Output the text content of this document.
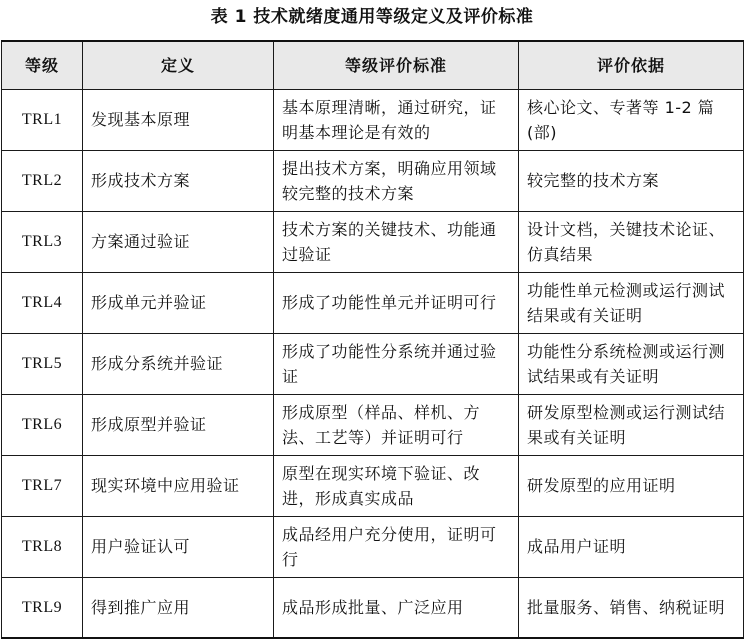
表 1 技术就绪度通用等级定义及评价标准
等级	定义	等级评价标准	评价依据
TRL1	发现基本原理	基本原理清晰，通过研究，证明基本理论是有效的	核心论文、专著等 1-2 篇(部)
TRL2	形成技术方案	提出技术方案，明确应用领域较完整的技术方案	较完整的技术方案
TRL3	方案通过验证	技术方案的关键技术、功能通过验证	设计文档，关键技术论证、仿真结果
TRL4	形成单元并验证	形成了功能性单元并证明可行	功能性单元检测或运行测试结果或有关证明
TRL5	形成分系统并验证	形成了功能性分系统并通过验证	功能性分系统检测或运行测试结果或有关证明
TRL6	形成原型并验证	形成原型（样品、样机、方法、工艺等）并证明可行	研发原型检测或运行测试结果或有关证明
TRL7	现实环境中应用验证	原型在现实环境下验证、改进，形成真实成品	研发原型的应用证明
TRL8	用户验证认可	成品经用户充分使用，证明可行	成品用户证明
TRL9	得到推广应用	成品形成批量、广泛应用	批量服务、销售、纳税证明
